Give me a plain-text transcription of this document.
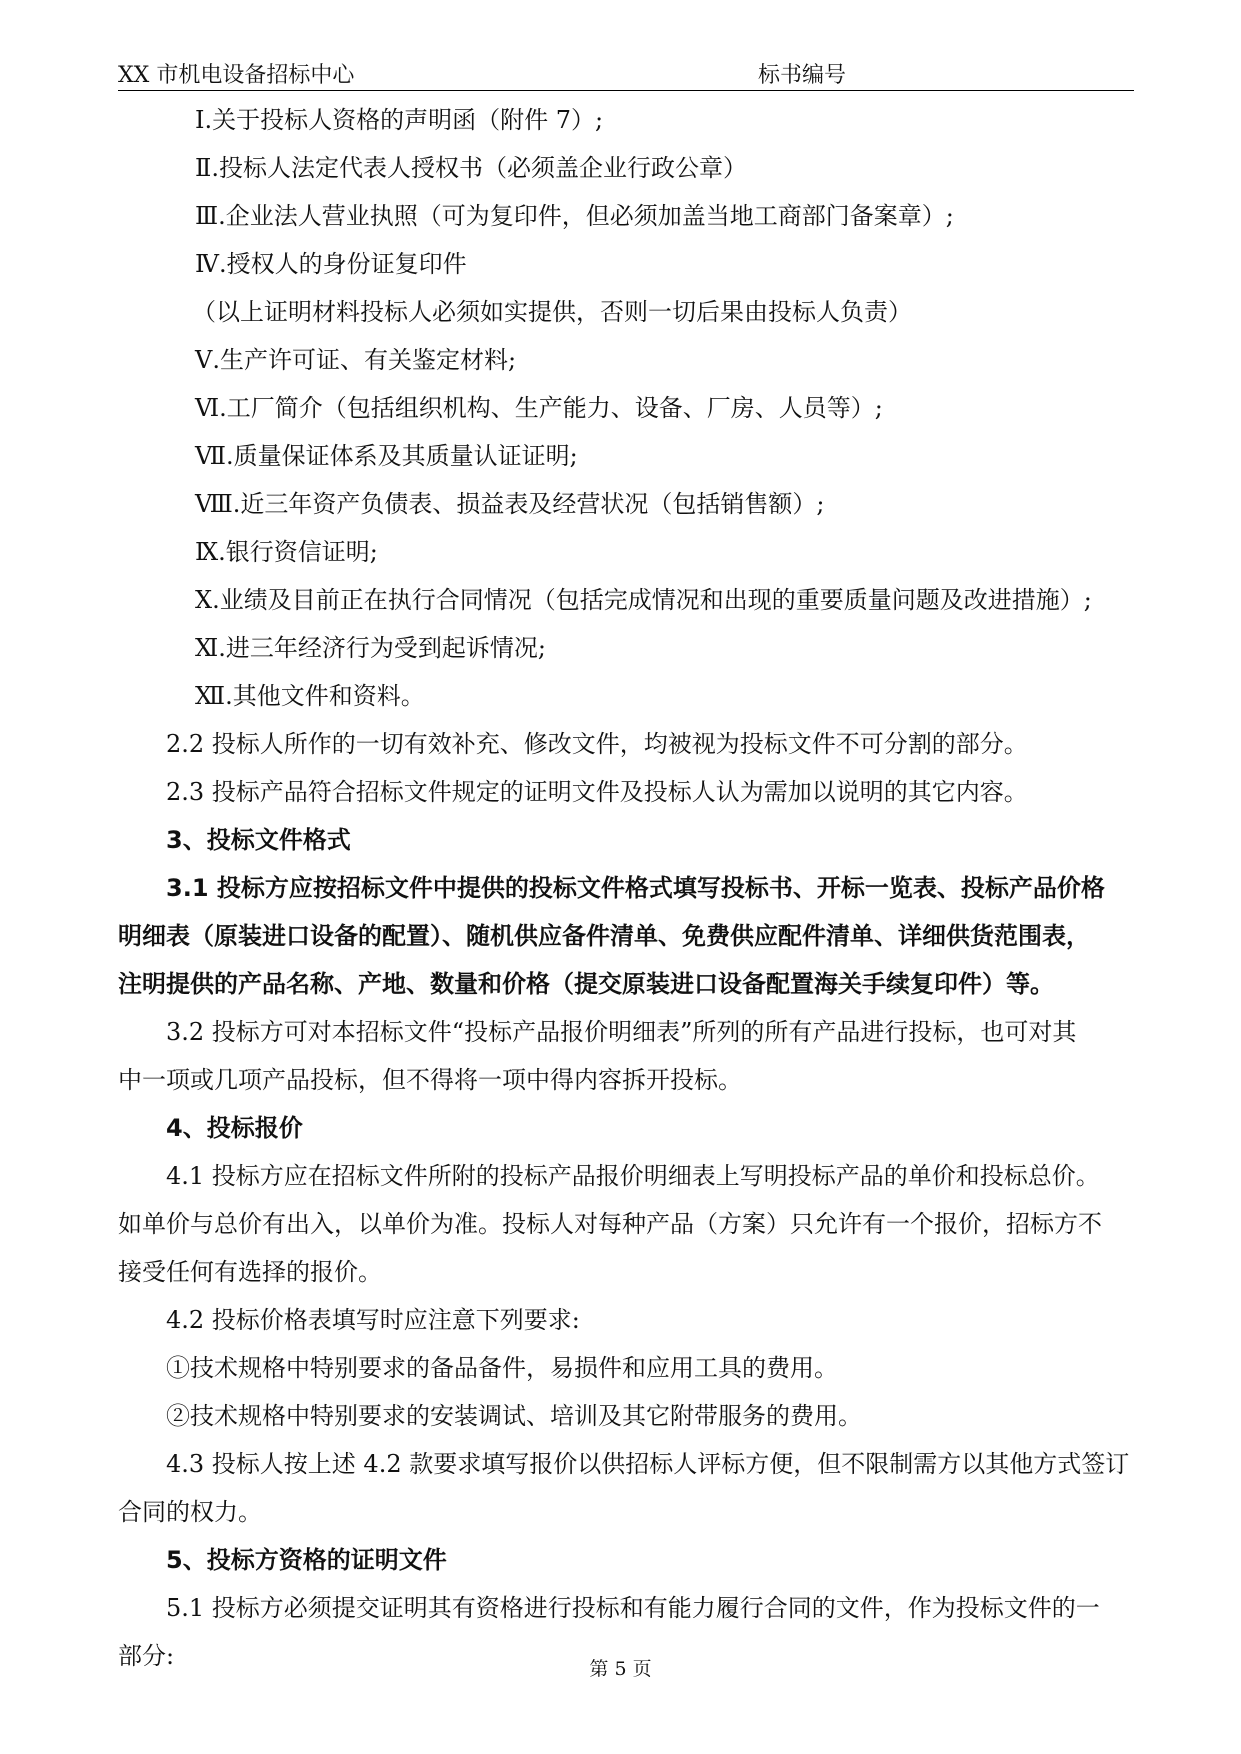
XX 市机电设备招标中心	标书编号
Ⅰ.关于投标人资格的声明函（附件 7）;
Ⅱ.投标人法定代表人授权书（必须盖企业行政公章）
Ⅲ.企业法人营业执照（可为复印件，但必须加盖当地工商部门备案章）;
Ⅳ.授权人的身份证复印件
（以上证明材料投标人必须如实提供，否则一切后果由投标人负责）
Ⅴ.生产许可证、有关鉴定材料;
Ⅵ.工厂简介（包括组织机构、生产能力、设备、厂房、人员等）;
Ⅶ.质量保证体系及其质量认证证明;
Ⅷ.近三年资产负债表、损益表及经营状况（包括销售额）;
Ⅸ.银行资信证明;
Ⅹ.业绩及目前正在执行合同情况（包括完成情况和出现的重要质量问题及改进措施）;
Ⅺ.进三年经济行为受到起诉情况;
Ⅻ.其他文件和资料。
2.2 投标人所作的一切有效补充、修改文件，均被视为投标文件不可分割的部分。
2.3 投标产品符合招标文件规定的证明文件及投标人认为需加以说明的其它内容。
3、投标文件格式
3.1 投标方应按招标文件中提供的投标文件格式填写投标书、开标一览表、投标产品价格
明细表（原装进口设备的配置）、随机供应备件清单、免费供应配件清单、详细供货范围表，
注明提供的产品名称、产地、数量和价格（提交原装进口设备配置海关手续复印件）等。
3.2 投标方可对本招标文件“投标产品报价明细表”所列的所有产品进行投标，也可对其
中一项或几项产品投标，但不得将一项中得内容拆开投标。
4、投标报价
4.1 投标方应在招标文件所附的投标产品报价明细表上写明投标产品的单价和投标总价。
如单价与总价有出入，以单价为准。投标人对每种产品（方案）只允许有一个报价，招标方不
接受任何有选择的报价。
4.2 投标价格表填写时应注意下列要求:
①技术规格中特别要求的备品备件，易损件和应用工具的费用。
②技术规格中特别要求的安装调试、培训及其它附带服务的费用。
4.3 投标人按上述 4.2 款要求填写报价以供招标人评标方便，但不限制需方以其他方式签订
合同的权力。
5、投标方资格的证明文件
5.1 投标方必须提交证明其有资格进行投标和有能力履行合同的文件，作为投标文件的一
部分:	第 5 页
